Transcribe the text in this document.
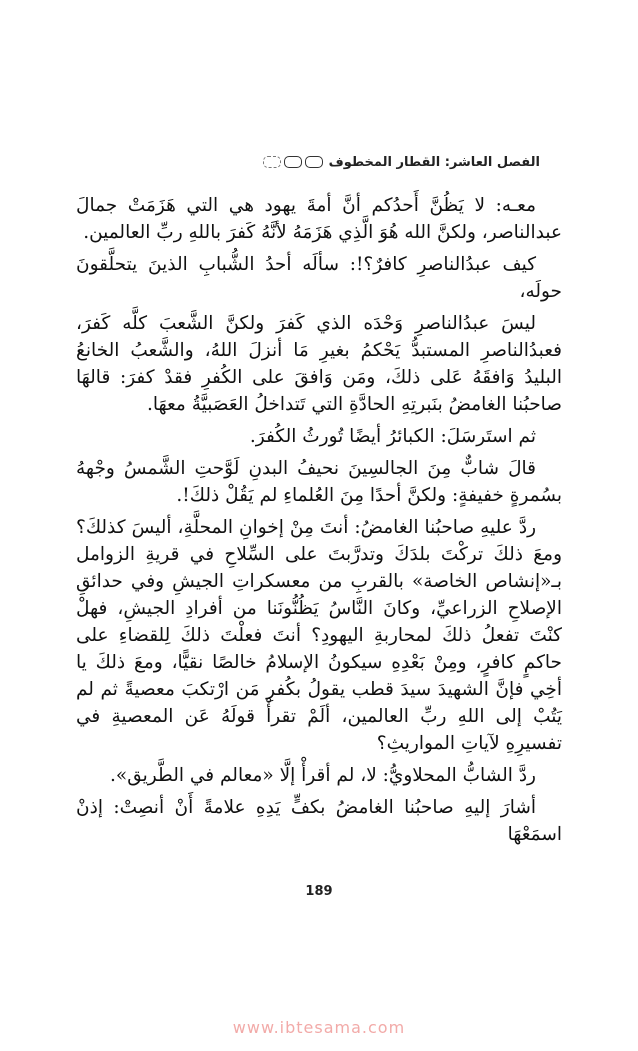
الفصل العاشر: القطار المخطوف

معـه: لا يَظُنَّ أَحدُكم أنَّ أمةَ يهود هي التي هَزَمَتْ جمالَ عبدالناصر، ولكنَّ الله هُوَ الَّذِي هَزَمَهُ لأنَّهُ كَفرَ باللهِ ربِّ العالمين.

كيف عبدُالناصرِ كافرٌ؟!: سألَه أحدُ الشُّبابِ الذينَ يتحلَّقونَ حولَه،

ليسَ عبدُالناصرِ وَحْدَه الذي كَفرَ ولكنَّ الشَّعبَ كلَّه كَفرَ، فعبدُالناصرِ المستبدُّ يَحْكمُ بغيرِ مَا أنزلَ اللهُ، والشَّعبُ الخانعُ البليدُ وَافقَهُ عَلى ذلكَ، ومَن وَافقَ على الكُفرِ فقدْ كفرَ: قالهَا صاحبُنا الغامضُ بنَبرتِهِ الحادَّةِ التي تَتداخلُ العَصَبيَّةُ معهَا.

ثم استَرسَلَ: الكبائرُ أيضًا تُورثُ الكُفرَ.

قالَ شابٌّ مِنَ الجالسِينَ نحيفُ البدنِ لَوَّحتِ الشَّمسُ وجْههُ بسُمرةٍ خفيفةٍ: ولكنَّ أحدًا مِنَ العُلماءِ لم يَقُلْ ذلكَ!.

ردَّ عليهِ صاحبُنا الغامضُ: أنتَ مِنْ إخوانِ المحلَّةِ، أليسَ كذلكَ؟ ومعَ ذلكَ تركْتَ بلدَكَ وتدرَّبتَ على السِّلاحِ في قريةِ الزوامل بـ«إنشاص الخاصة» بالقربِ من معسكراتِ الجيشِ وفي حدائقِ الإصلاحِ الزراعيِّ، وكانَ النَّاسُ يَظُنُّونَنا من أفرادِ الجيشِ، فهلْ كنْتَ تفعلُ ذلكَ لمحاربةِ اليهودِ؟ أنتَ فعلْتَ ذلكَ لِلقضاءِ على حاكمٍ كافرٍ، ومِنْ بَعْدِهِ سيكونُ الإسلامُ خالصًا نقيًّا، ومعَ ذلكَ يا أخِي فإنَّ الشهيدَ سيدَ قطب يقولُ بكُفرِ مَن ارْتكبَ معصيةً ثم لم يَتُبْ إلى اللهِ ربِّ العالمين، ألَمْ تقرأْ قولَهُ عَن المعصيةِ في تفسيرِهِ لآياتِ المواريثِ؟

ردَّ الشابُّ المحلاويُّ: لا، لم أقرأْ إلَّا «معالم في الطَّريق».

أشارَ إليهِ صاحبُنا الغامضُ بكفٍّ يَدِهِ علامةً أَنْ أنصِتْ: إذنْ اسمَعْهَا

189
www.ibtesama.com
